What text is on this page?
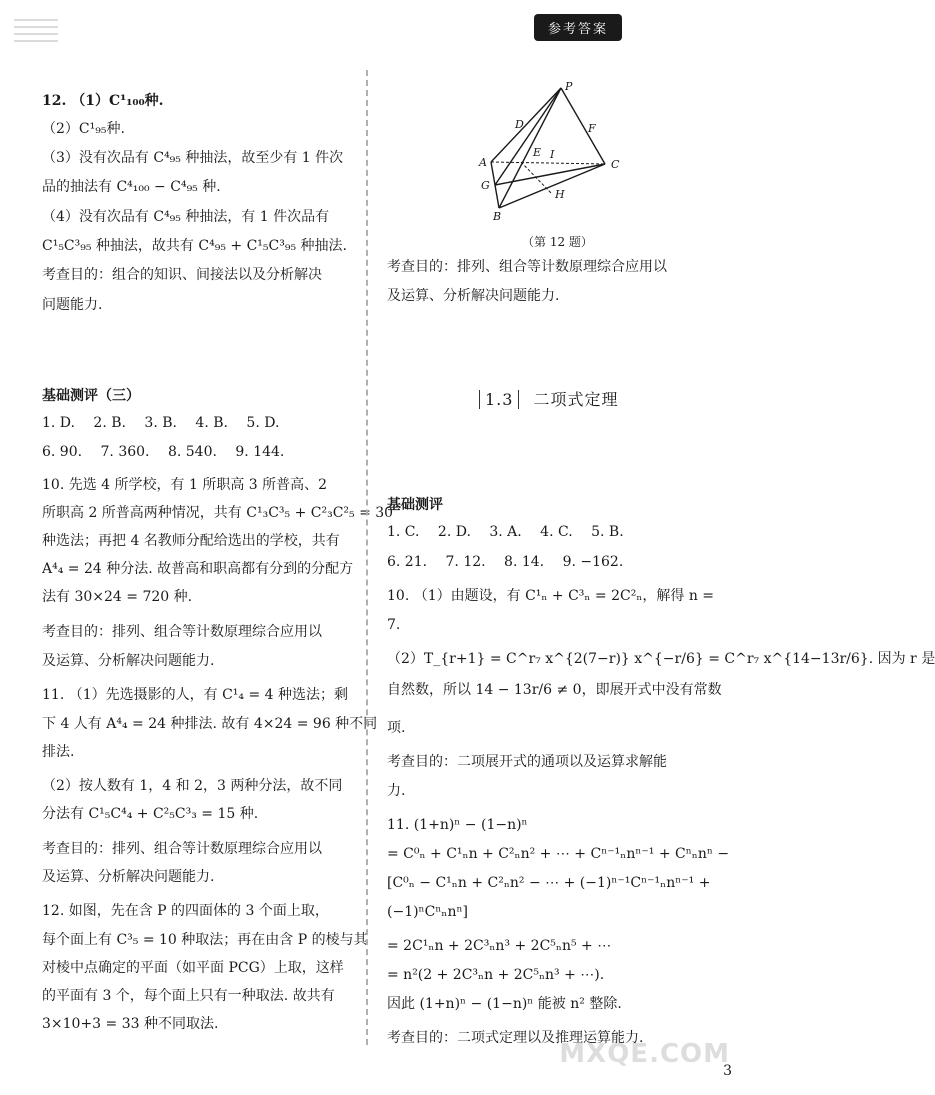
参考答案
12. （1）C¹₁₀₀种.
（2）C¹₉₅种.
（3）没有次品有 C⁴₉₅ 种抽法，故至少有 1 件次
品的抽法有 C⁴₁₀₀ − C⁴₉₅ 种.
（4）没有次品有 C⁴₉₅ 种抽法，有 1 件次品有
C¹₅C³₉₅ 种抽法，故共有 C⁴₉₅ + C¹₅C³₉₅ 种抽法.
考查目的：组合的知识、间接法以及分析解决
问题能力.
基础测评（三）
1. D.　 2. B.　 3. B.　 4. B.　 5. D.
6. 90.　 7. 360.　 8. 540.　 9. 144.
10. 先选 4 所学校，有 1 所职高 3 所普高、2
所职高 2 所普高两种情况，共有 C¹₃C³₅ + C²₃C²₅ = 30
种选法；再把 4 名教师分配给选出的学校，共有
A⁴₄ = 24 种分法. 故普高和职高都有分到的分配方
法有 30×24 = 720 种.
考查目的：排列、组合等计数原理综合应用以
及运算、分析解决问题能力.
11. （1）先选摄影的人，有 C¹₄ = 4 种选法；剩
下 4 人有 A⁴₄ = 24 种排法. 故有 4×24 = 96 种不同
排法.
（2）按人数有 1，4 和 2，3 两种分法，故不同
分法有 C¹₅C⁴₄ + C²₅C³₃ = 15 种.
考查目的：排列、组合等计数原理综合应用以
及运算、分析解决问题能力.
12. 如图，先在含 P 的四面体的 3 个面上取，
每个面上有 C³₅ = 10 种取法；再在由含 P 的棱与其
对棱中点确定的平面（如平面 PCG）上取，这样
的平面有 3 个，每个面上只有一种取法. 故共有
3×10+3 = 33 种不同取法.
P
D	F
E I
A	C
G
H
B
（第 12 题）
1.3 二项式定理
考查目的：排列、组合等计数原理综合应用以
及运算、分析解决问题能力.
基础测评
1. C.　 2. D.　 3. A.　 4. C.　 5. B.
6. 21.　 7. 12.　 8. 14.　 9. −162.
10. （1）由题设，有 C¹ₙ + C³ₙ = 2C²ₙ，解得 n =
7.
（2）T_{r+1} = C^r₇ x^{2(7−r)} x^{−r/6} = C^r₇ x^{14−13r/6}. 因为 r 是
自然数，所以 14 − 13r/6 ≠ 0，即展开式中没有常数
项.
考查目的：二项展开式的通项以及运算求解能
力.
11. (1+n)ⁿ − (1−n)ⁿ
= C⁰ₙ + C¹ₙn + C²ₙn² + ⋯ + Cⁿ⁻¹ₙnⁿ⁻¹ + Cⁿₙnⁿ −
[C⁰ₙ − C¹ₙn + C²ₙn² − ⋯ + (−1)ⁿ⁻¹Cⁿ⁻¹ₙnⁿ⁻¹ +
(−1)ⁿCⁿₙnⁿ]
= 2C¹ₙn + 2C³ₙn³ + 2C⁵ₙn⁵ + ⋯
= n²(2 + 2C³ₙn + 2C⁵ₙn³ + ⋯).
因此 (1+n)ⁿ − (1−n)ⁿ 能被 n² 整除.
考查目的：二项式定理以及推理运算能力.
MXQE.COM
3
